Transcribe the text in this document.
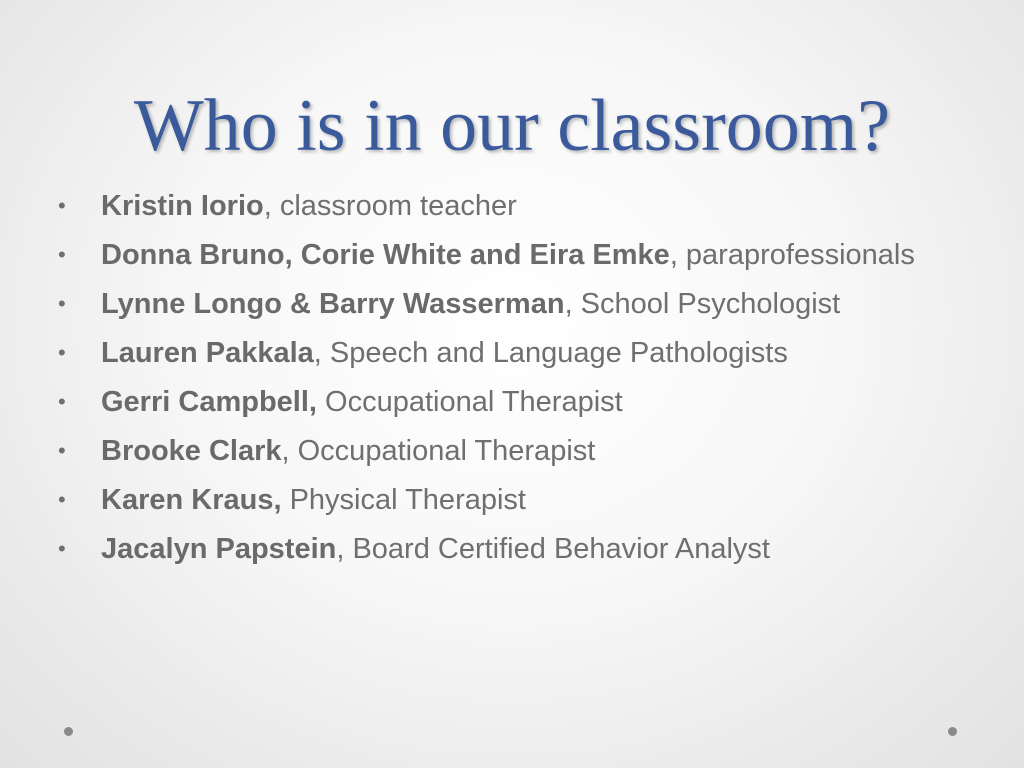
Who is in our classroom?
• Kristin Iorio, classroom teacher
• Donna Bruno, Corie White and Eira Emke, paraprofessionals
• Lynne Longo & Barry Wasserman, School Psychologist
• Lauren Pakkala, Speech and Language Pathologists
• Gerri Campbell, Occupational Therapist
• Brooke Clark, Occupational Therapist
• Karen Kraus, Physical Therapist
• Jacalyn Papstein, Board Certified Behavior Analyst
